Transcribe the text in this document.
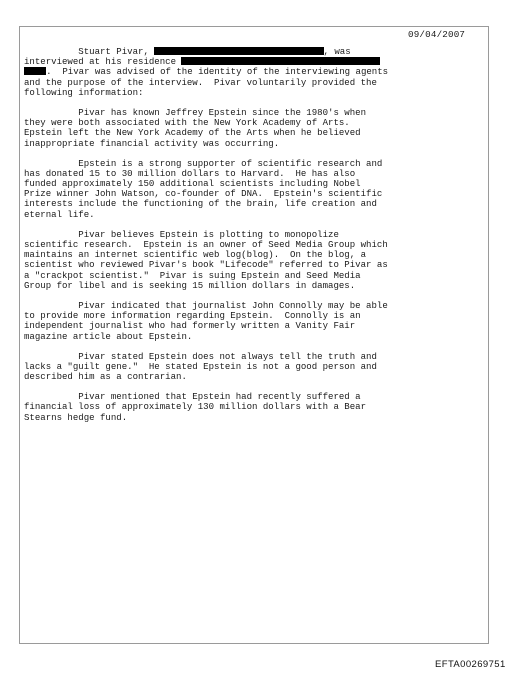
09/04/2007
Stuart Pivar,	, was
interviewed at his residence
.  Pivar was advised of the identity of the interviewing agents
and the purpose of the interview.  Pivar voluntarily provided the
following information:
Pivar has known Jeffrey Epstein since the 1980's when
they were both associated with the New York Academy of Arts.
Epstein left the New York Academy of the Arts when he believed
inappropriate financial activity was occurring.
Epstein is a strong supporter of scientific research and
has donated 15 to 30 million dollars to Harvard.  He has also
funded approximately 150 additional scientists including Nobel
Prize winner John Watson, co-founder of DNA.  Epstein's scientific
interests include the functioning of the brain, life creation and
eternal life.
Pivar believes Epstein is plotting to monopolize
scientific research.  Epstein is an owner of Seed Media Group which
maintains an internet scientific web log(blog).  On the blog, a
scientist who reviewed Pivar's book "Lifecode" referred to Pivar as
a "crackpot scientist."  Pivar is suing Epstein and Seed Media
Group for libel and is seeking 15 million dollars in damages.
Pivar indicated that journalist John Connolly may be able
to provide more information regarding Epstein.  Connolly is an
independent journalist who had formerly written a Vanity Fair
magazine article about Epstein.
Pivar stated Epstein does not always tell the truth and
lacks a "guilt gene."  He stated Epstein is not a good person and
described him as a contrarian.
Pivar mentioned that Epstein had recently suffered a
financial loss of approximately 130 million dollars with a Bear
Stearns hedge fund.
EFTA00269751
